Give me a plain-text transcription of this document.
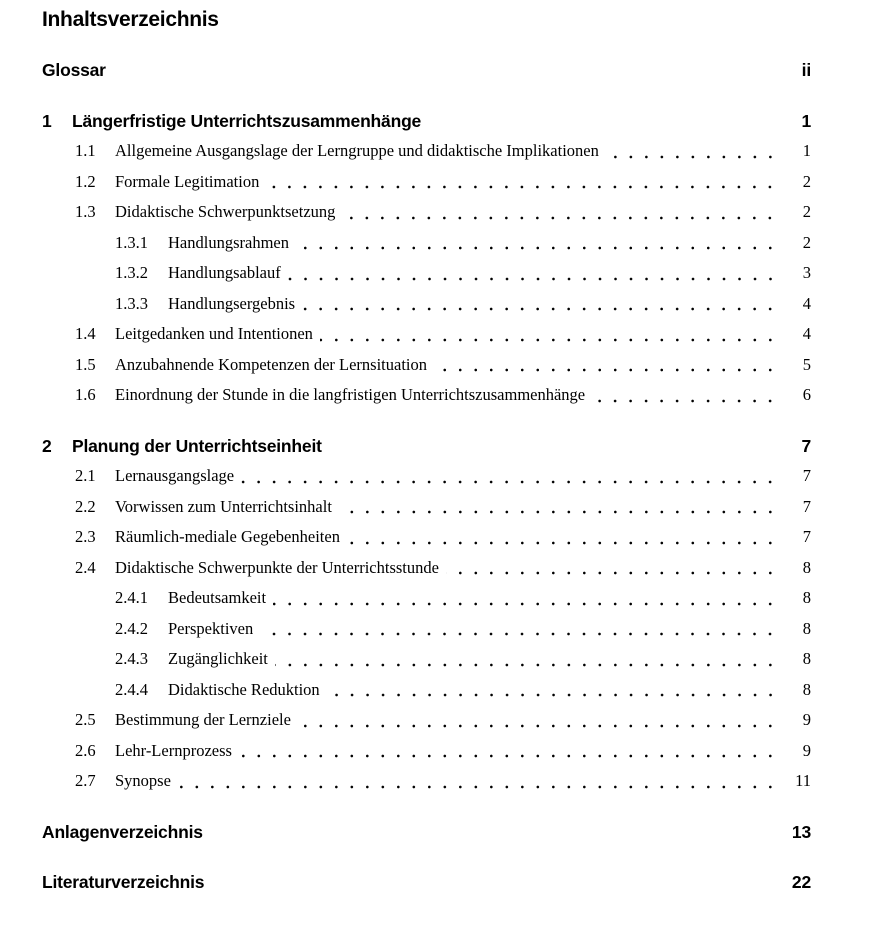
Inhaltsverzeichnis
Glossar	ii
1	Längerfristige Unterrichtszusammenhänge	1
1.1	Allgemeine Ausgangslage der Lerngruppe und didaktische Implikationen	1
1.2	Formale Legitimation	2
1.3	Didaktische Schwerpunktsetzung	2
1.3.1	Handlungsrahmen	2
1.3.2	Handlungsablauf	3
1.3.3	Handlungsergebnis	4
1.4	Leitgedanken und Intentionen	4
1.5	Anzubahnende Kompetenzen der Lernsituation	5
1.6	Einordnung der Stunde in die langfristigen Unterrichtszusammenhänge	6
2	Planung der Unterrichtseinheit	7
2.1	Lernausgangslage	7
2.2	Vorwissen zum Unterrichtsinhalt	7
2.3	Räumlich-mediale Gegebenheiten	7
2.4	Didaktische Schwerpunkte der Unterrichtsstunde	8
2.4.1	Bedeutsamkeit	8
2.4.2	Perspektiven	8
2.4.3	Zugänglichkeit	8
2.4.4	Didaktische Reduktion	8
2.5	Bestimmung der Lernziele	9
2.6	Lehr-Lernprozess	9
2.7	Synopse	11
Anlagenverzeichnis	13
Literaturverzeichnis	22
